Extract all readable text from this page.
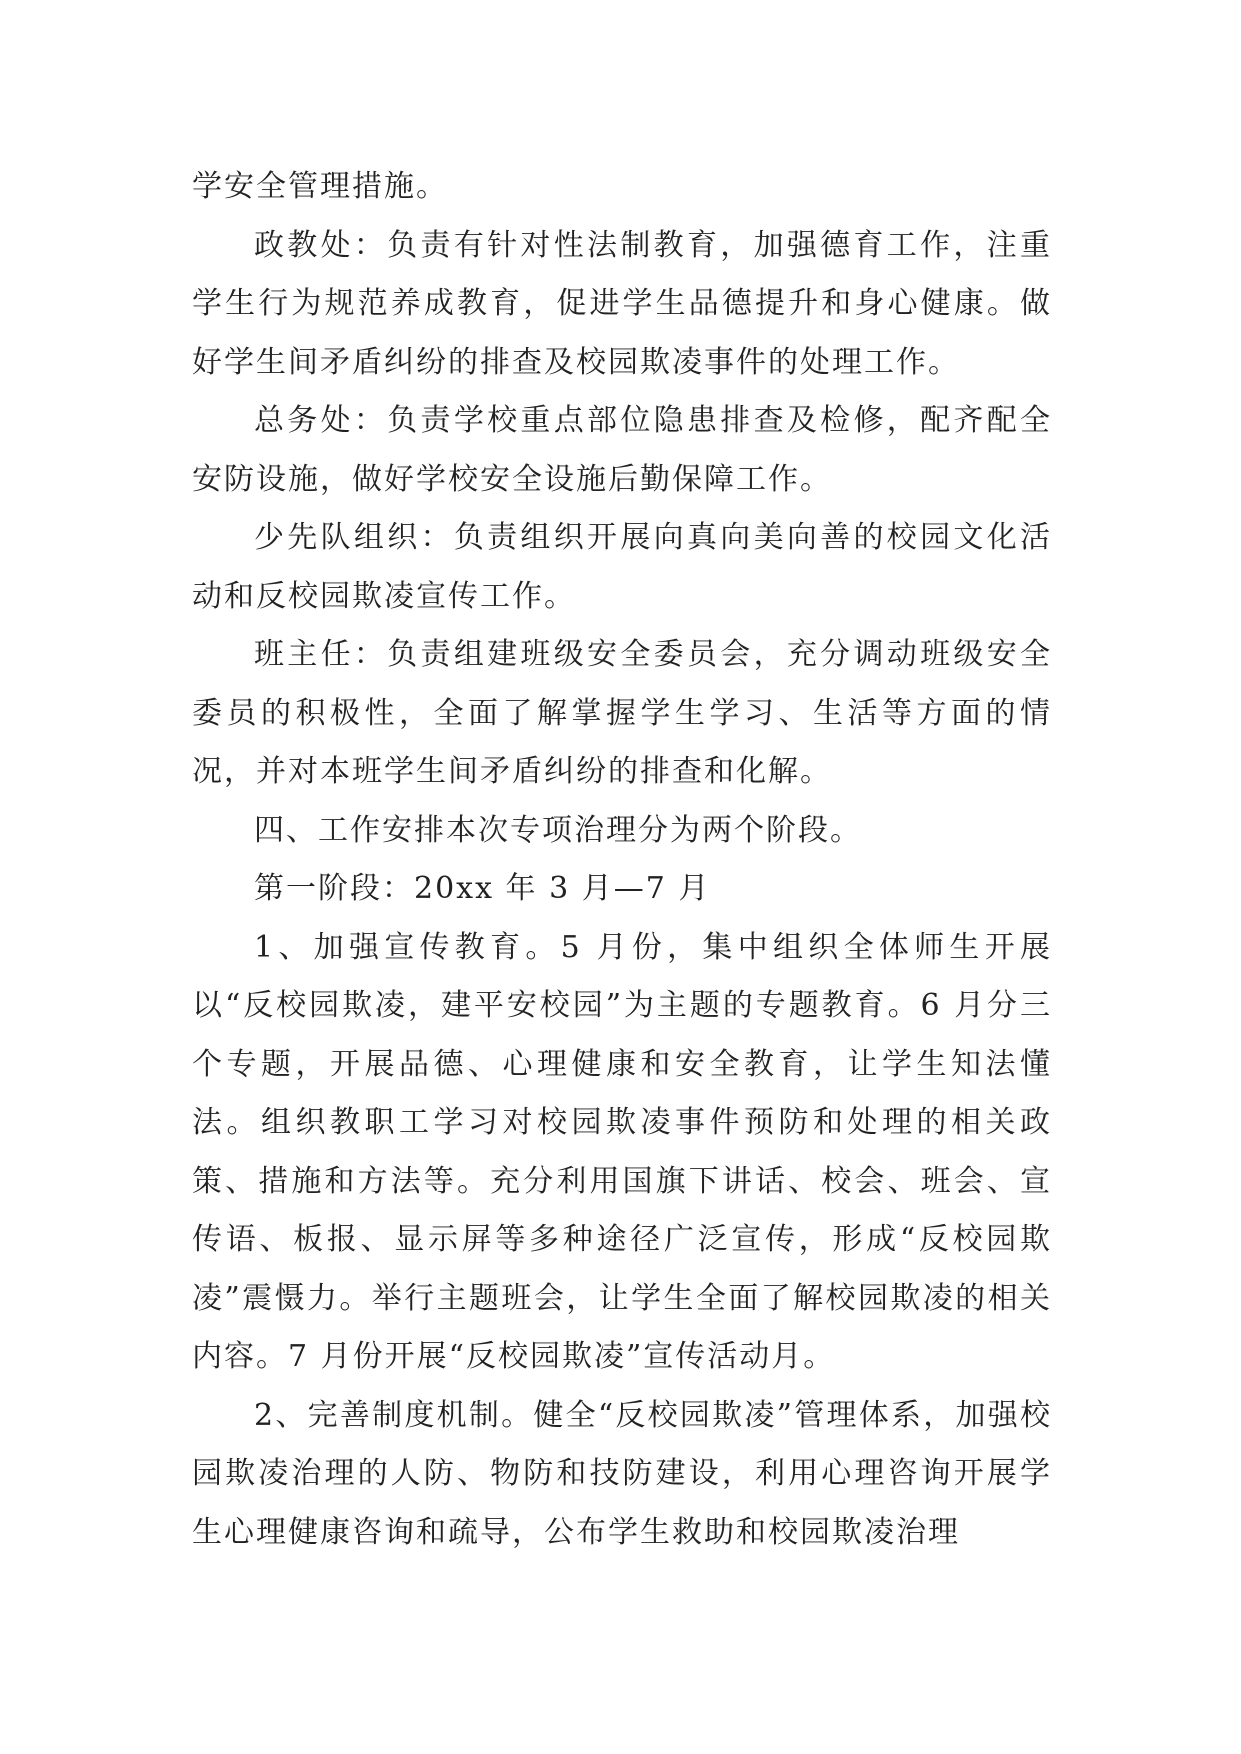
学安全管理措施。

政教处：负责有针对性法制教育，加强德育工作，注重学生行为规范养成教育，促进学生品德提升和身心健康。做好学生间矛盾纠纷的排查及校园欺凌事件的处理工作。

总务处：负责学校重点部位隐患排查及检修，配齐配全安防设施，做好学校安全设施后勤保障工作。

少先队组织：负责组织开展向真向美向善的校园文化活动和反校园欺凌宣传工作。

班主任：负责组建班级安全委员会，充分调动班级安全委员的积极性，全面了解掌握学生学习、生活等方面的情况，并对本班学生间矛盾纠纷的排查和化解。

四、工作安排本次专项治理分为两个阶段。

第一阶段：20xx 年 3 月—7 月

1、加强宣传教育。5 月份，集中组织全体师生开展以“反校园欺凌，建平安校园”为主题的专题教育。6 月分三个专题，开展品德、心理健康和安全教育，让学生知法懂法。组织教职工学习对校园欺凌事件预防和处理的相关政策、措施和方法等。充分利用国旗下讲话、校会、班会、宣传语、板报、显示屏等多种途径广泛宣传，形成“反校园欺凌”震慑力。举行主题班会，让学生全面了解校园欺凌的相关内容。7 月份开展“反校园欺凌”宣传活动月。

2、完善制度机制。健全“反校园欺凌”管理体系，加强校园欺凌治理的人防、物防和技防建设，利用心理咨询开展学生心理健康咨询和疏导，公布学生救助和校园欺凌治理
